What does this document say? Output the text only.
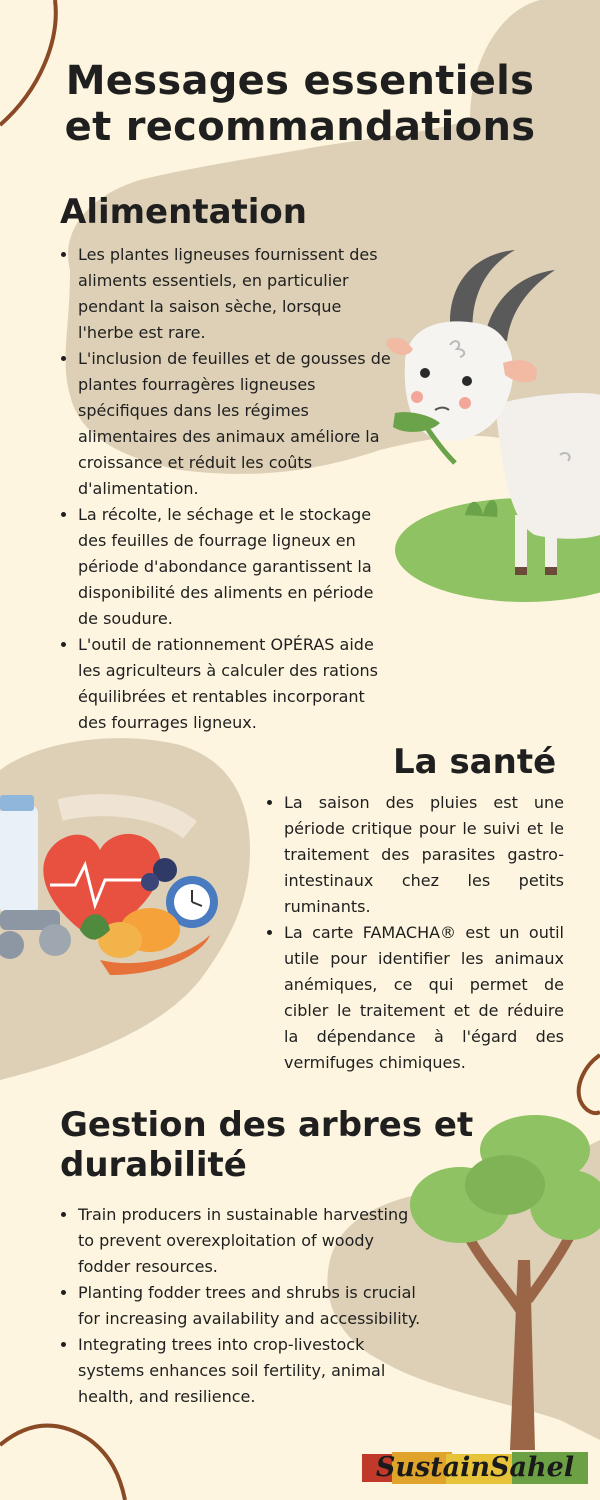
Messages essentiels
et recommandations
Alimentation
• Les plantes ligneuses fournissent des aliments essentiels, en particulier pendant la saison sèche, lorsque l'herbe est rare.
• L'inclusion de feuilles et de gousses de plantes fourragères ligneuses spécifiques dans les régimes alimentaires des animaux améliore la croissance et réduit les coûts d'alimentation.
• La récolte, le séchage et le stockage des feuilles de fourrage ligneux en période d'abondance garantissent la disponibilité des aliments en période de soudure.
• L'outil de rationnement OPÉRAS aide les agriculteurs à calculer des rations équilibrées et rentables incorporant des fourrages ligneux.
La santé
• La saison des pluies est une période critique pour le suivi et le traitement des parasites gastro-intestinaux chez les petits ruminants.
• La carte FAMACHA® est un outil utile pour identifier les animaux anémiques, ce qui permet de cibler le traitement et de réduire la dépendance à l'égard des vermifuges chimiques.
Gestion des arbres et
durabilité
• Train producers in sustainable harvesting to prevent overexploitation of woody fodder resources.
• Planting fodder trees and shrubs is crucial for increasing availability and accessibility.
• Integrating trees into crop-livestock systems enhances soil fertility, animal health, and resilience.
SustainSahel
